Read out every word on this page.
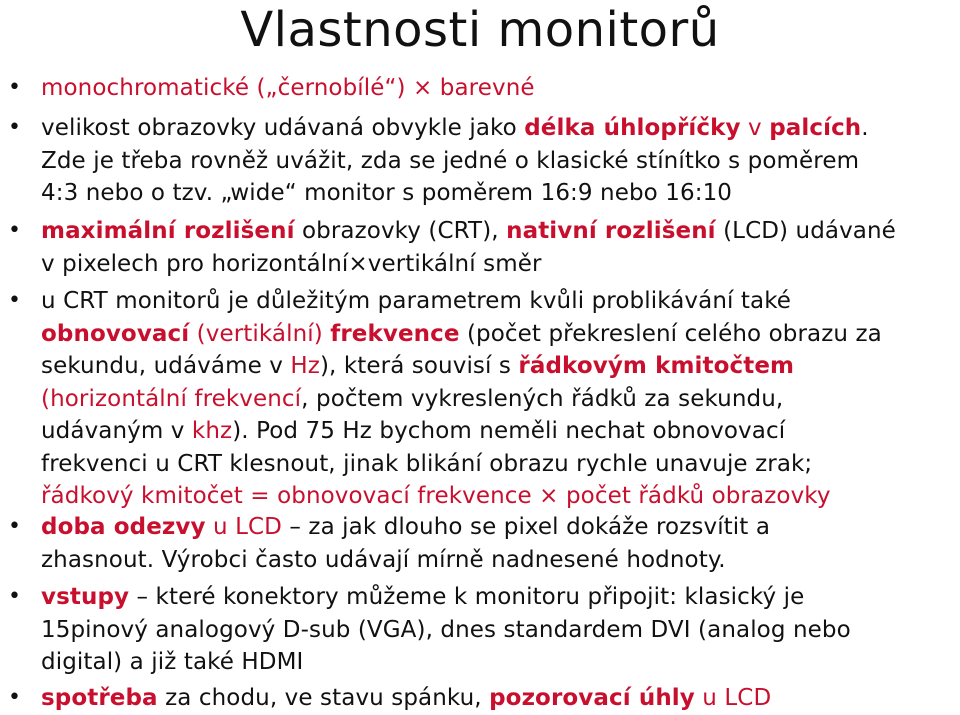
Vlastnosti monitorů
• monochromatické („černobílé“) × barevné
• velikost obrazovky udávaná obvykle jako délka úhlopříčky v palcích.
Zde je třeba rovněž uvážit, zda se jedné o klasické stínítko s poměrem
4:3 nebo o tzv. „wide“ monitor s poměrem 16:9 nebo 16:10
• maximální rozlišení obrazovky (CRT), nativní rozlišení (LCD) udávané
v pixelech pro horizontální×vertikální směr
• u CRT monitorů je důležitým parametrem kvůli problikávání také
obnovovací (vertikální) frekvence (počet překreslení celého obrazu za
sekundu, udáváme v Hz), která souvisí s řádkovým kmitočtem
(horizontální frekvencí, počtem vykreslených řádků za sekundu,
udávaným v khz). Pod 75 Hz bychom neměli nechat obnovovací
frekvenci u CRT klesnout, jinak blikání obrazu rychle unavuje zrak;
řádkový kmitočet = obnovovací frekvence × počet řádků obrazovky
• doba odezvy u LCD – za jak dlouho se pixel dokáže rozsvítit a
zhasnout. Výrobci často udávají mírně nadnesené hodnoty.
• vstupy – které konektory můžeme k monitoru připojit: klasický je
15pinový analogový D-sub (VGA), dnes standardem DVI (analog nebo
digital) a již také HDMI
• spotřeba za chodu, ve stavu spánku, pozorovací úhly u LCD
